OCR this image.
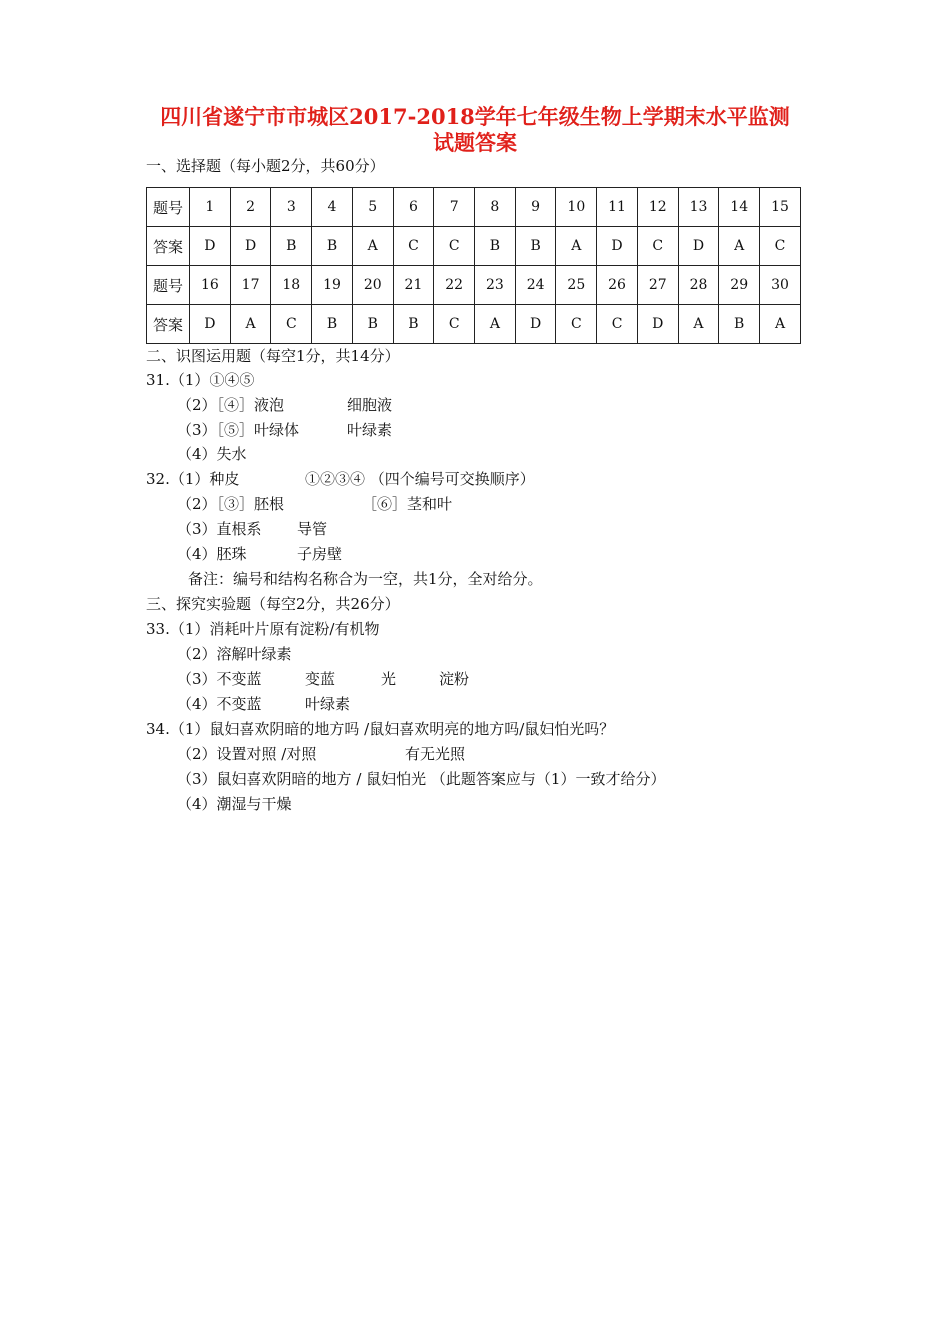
四川省遂宁市市城区2017-2018学年七年级生物上学期末水平监测
试题答案
一、选择题（每小题2分，共60分）
题号	1	2	3	4	5	6	7	8	9	10	11	12	13	14	15
答案	D	D	B	B	A	C	C	B	B	A	D	C	D	A	C
题号	16	17	18	19	20	21	22	23	24	25	26	27	28	29	30
答案	D	A	C	B	B	B	C	A	D	C	C	D	A	B	A
二、识图运用题（每空1分，共14分）
31.（1）①④⑤
（2）［④］液泡	细胞液
（3）［⑤］叶绿体	叶绿素
（4）失水
32.（1）种皮	①②③④ （四个编号可交换顺序）
（2）［③］胚根	［⑥］茎和叶
（3）直根系 导管
（4）胚珠	子房壁
备注：编号和结构名称合为一空，共1分，全对给分。
三、探究实验题（每空2分，共26分）
33.（1）消耗叶片原有淀粉/有机物
（2）溶解叶绿素
（3）不变蓝	变蓝	光	淀粉
（4）不变蓝	叶绿素
34.（1）鼠妇喜欢阴暗的地方吗 /鼠妇喜欢明亮的地方吗/鼠妇怕光吗？
（2）设置对照 /对照	有无光照
（3）鼠妇喜欢阴暗的地方 / 鼠妇怕光 （此题答案应与（1）一致才给分）
（4）潮湿与干燥
